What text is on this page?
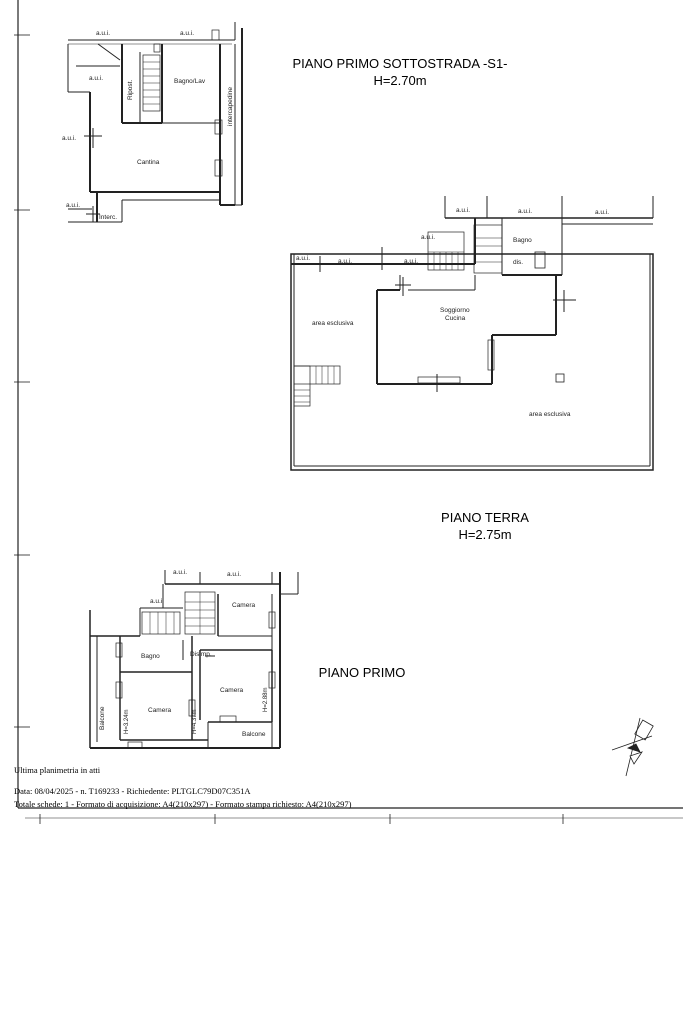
a.u.i.	a.u.i.
a.u.i.
a.u.i.
a.u.i.
Ripost.	Bagno/Lav
intercapedine
Cantina
Interc.
a.u.i.	a.u.i.	a.u.i.
a.u.i.
a.u.i.	a.u.i.	a.u.i.
Bagno
dis.
Soggiorno
Cucina
area esclusiva
area esclusiva
a.u.i.	a.u.i.
a.u.i.
Camera
Bagno	Disimp.
Camera
Camera
Balcone
Balcone
H=3.24m	H=4.37m
H=2.88m
PIANO PRIMO SOTTOSTRADA -S1-
H=2.70m
PIANO TERRA
H=2.75m
PIANO PRIMO
Ultima planimetria in atti
Data: 08/04/2025 - n. T169233 - Richiedente: PLTGLC79D07C351A
Totale schede: 1 - Formato di acquisizione: A4(210x297) - Formato stampa richiesto: A4(210x297)
